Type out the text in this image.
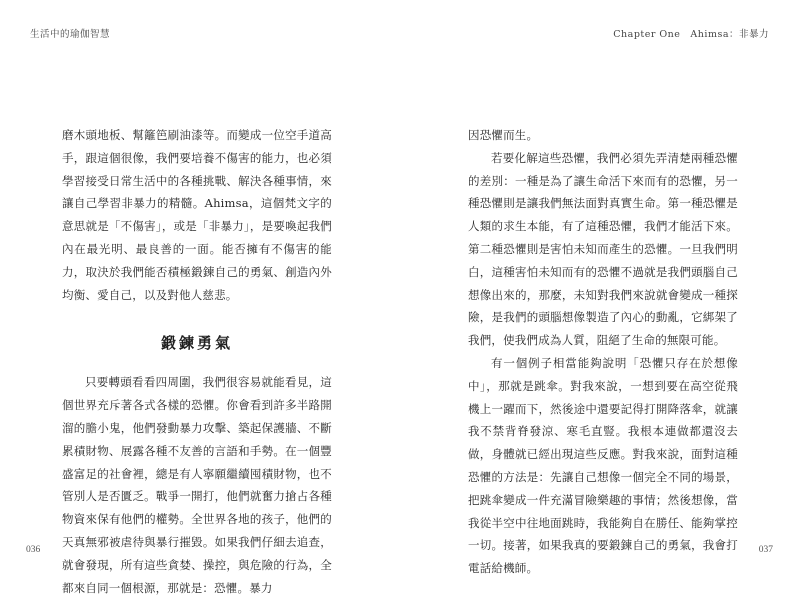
生活中的瑜伽智慧	Chapter One　Ahimsa：非暴力

磨木頭地板、幫籬笆刷油漆等。而變成一位空手道高手，跟這個很像，我們要培養不傷害的能力，也必須學習接受日常生活中的各種挑戰、解決各種事情，來讓自己學習非暴力的精髓。Ahimsa，這個梵文字的意思就是「不傷害」，或是「非暴力」，是要喚起我們內在最光明、最良善的一面。能否擁有不傷害的能力，取決於我們能否積極鍛鍊自己的勇氣、創造內外均衡、愛自己，以及對他人慈悲。

鍛鍊勇氣

只要轉頭看看四周圍，我們很容易就能看見，這個世界充斥著各式各樣的恐懼。你會看到許多半路開溜的膽小鬼，他們發動暴力攻擊、築起保護牆、不斷累積財物、展露各種不友善的言語和手勢。在一個豐盛富足的社會裡，總是有人寧願繼續囤積財物，也不管別人是否匱乏。戰爭一開打，他們就奮力搶占各種物資來保有他們的權勢。全世界各地的孩子，他們的天真無邪被虐待與暴行摧毀。如果我們仔細去追查，就會發現，所有這些貪婪、操控，與危險的行為，全都來自同一個根源，那就是：恐懼。暴力

因恐懼而生。

若要化解這些恐懼，我們必須先弄清楚兩種恐懼的差別：一種是為了讓生命活下來而有的恐懼，另一種恐懼則是讓我們無法面對真實生命。第一種恐懼是人類的求生本能，有了這種恐懼，我們才能活下來。第二種恐懼則是害怕未知而產生的恐懼。一旦我們明白，這種害怕未知而有的恐懼不過就是我們頭腦自己想像出來的，那麼，未知對我們來說就會變成一種探險，是我們的頭腦想像製造了內心的動亂，它綁架了我們，使我們成為人質，阻絕了生命的無限可能。

有一個例子相當能夠說明「恐懼只存在於想像中」，那就是跳傘。對我來說，一想到要在高空從飛機上一躍而下，然後途中還要記得打開降落傘，就讓我不禁背脊發涼、寒毛直豎。我根本連做都還沒去做，身體就已經出現這些反應。對我來說，面對這種恐懼的方法是：先讓自己想像一個完全不同的場景，把跳傘變成一件充滿冒險樂趣的事情；然後想像，當我從半空中往地面跳時，我能夠自在勝任、能夠掌控一切。接著，如果我真的要鍛鍊自己的勇氣，我會打電話給機師。

036	037
